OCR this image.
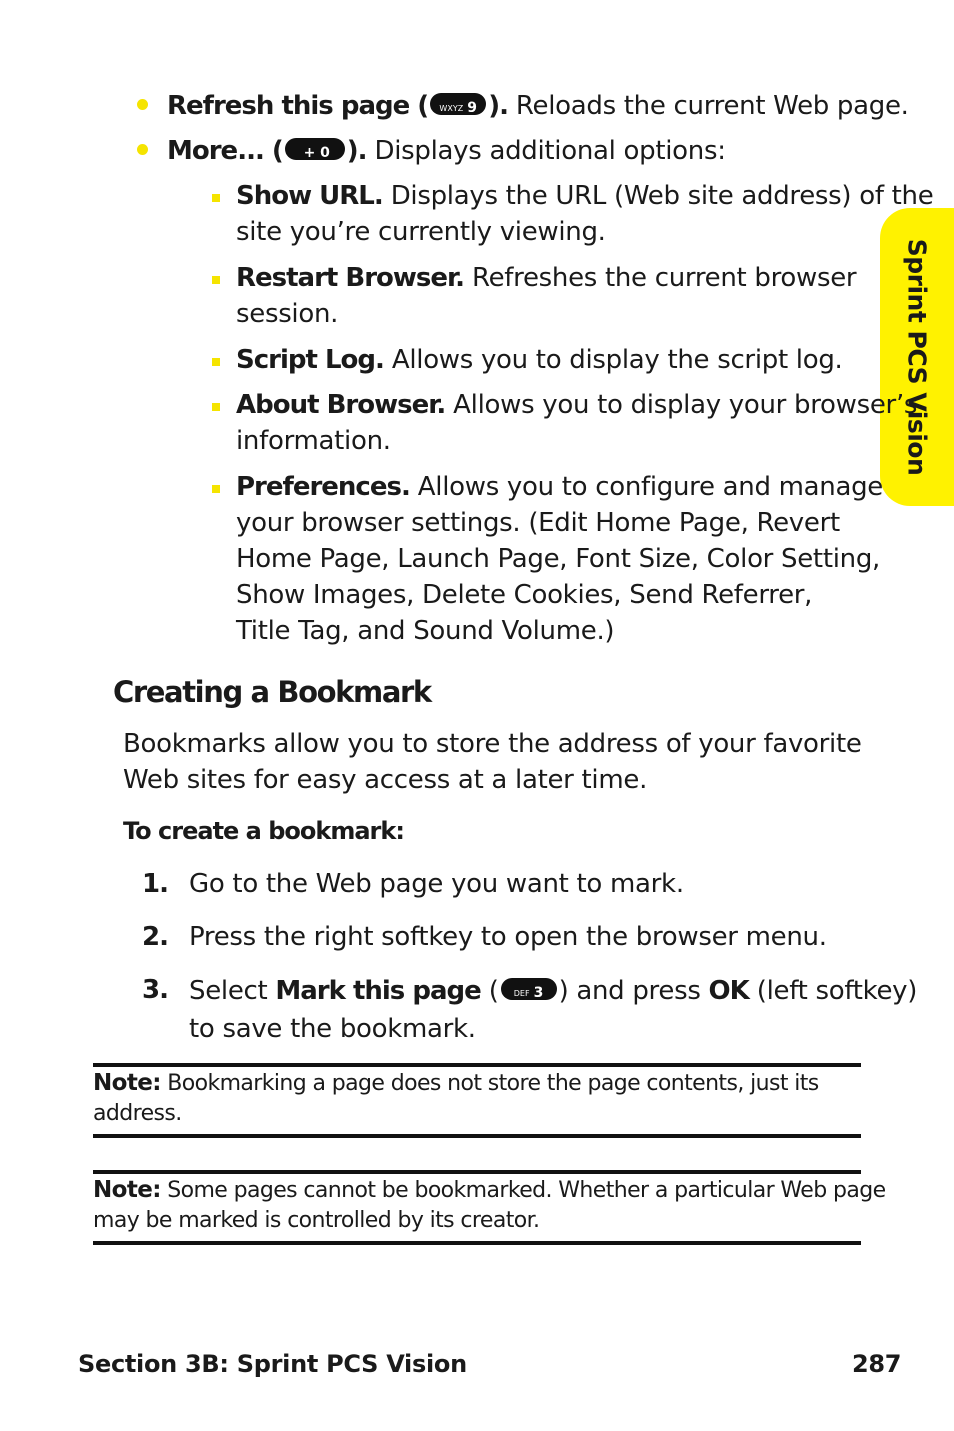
Sprint PCS Vision
Refresh this page ( WXYZ 9 ). Reloads the current Web page.
More... ( + 0 ). Displays additional options:
Show URL. Displays the URL (Web site address) of the
site you’re currently viewing.
Restart Browser. Refreshes the current browser
session.
Script Log. Allows you to display the script log.
About Browser. Allows you to display your browser’s
information.
Preferences. Allows you to configure and manage
your browser settings. (Edit Home Page, Revert
Home Page, Launch Page, Font Size, Color Setting,
Show Images, Delete Cookies, Send Referrer,
Title Tag, and Sound Volume.)
Creating a Bookmark
Bookmarks allow you to store the address of your favorite
Web sites for easy access at a later time.
To create a bookmark:
1. Go to the Web page you want to mark.
2. Press the right softkey to open the browser menu.
3. Select Mark this page ( DEF 3 ) and press OK (left softkey)
to save the bookmark.
Note: Bookmarking a page does not store the page contents, just its
address.
Note: Some pages cannot be bookmarked. Whether a particular Web page
may be marked is controlled by its creator.
Section 3B: Sprint PCS Vision	287
